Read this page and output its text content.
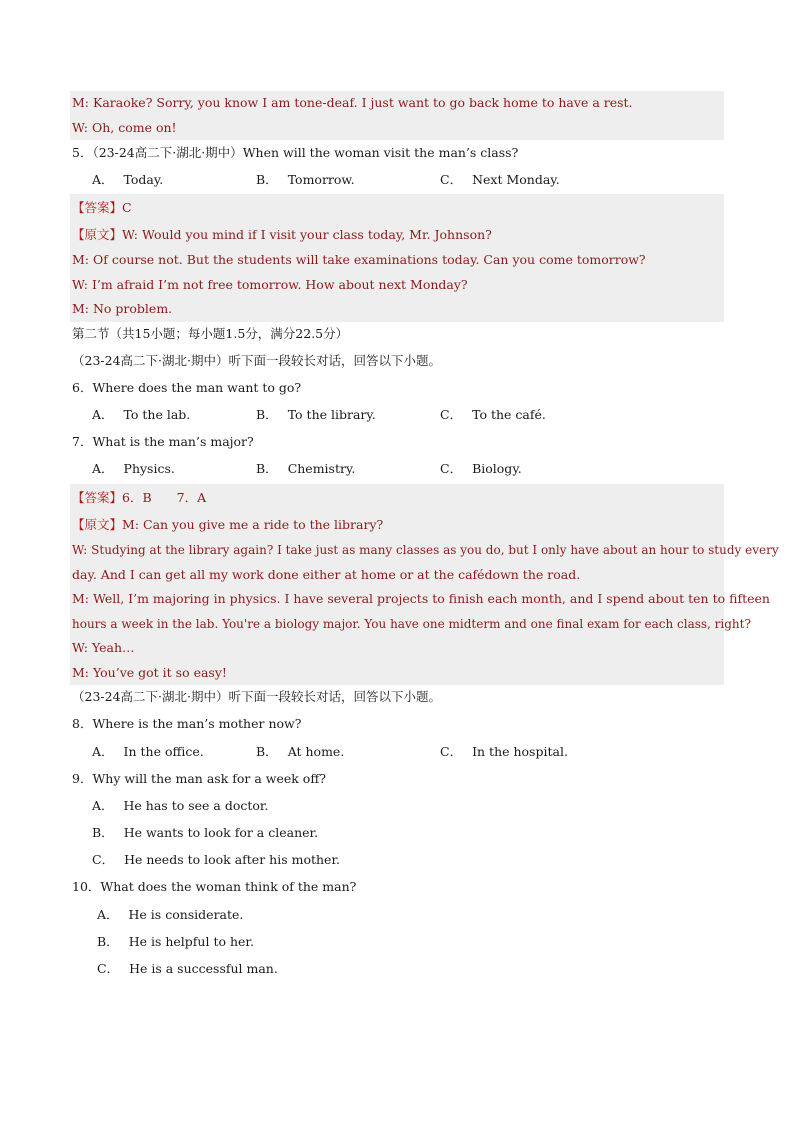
M: Karaoke? Sorry, you know I am tone-deaf. I just want to go back home to have a rest.
W: Oh, come on!
5．（23-24高二下·湖北·期中）When will the woman visit the man’s class?
A． Today.	B． Tomorrow.	C． Next Monday.
【答案】C
【原文】W: Would you mind if I visit your class today, Mr. Johnson?
M: Of course not. But the students will take examinations today. Can you come tomorrow?
W: I’m afraid I’m not free tomorrow. How about next Monday?
M: No problem.
第二节（共15小题；每小题1.5分，满分22.5分）
（23-24高二下·湖北·期中）听下面一段较长对话，回答以下小题。
6．Where does the man want to go?
A． To the lab.	B． To the library.	C． To the café.
7．What is the man’s major?
A． Physics.	B． Chemistry.	C． Biology.
【答案】6．B　　7．A
【原文】M: Can you give me a ride to the library?
W: Studying at the library again? I take just as many classes as you do, but I only have about an hour to study every
day. And I can get all my work done either at home or at the cafédown the road.
M: Well, I’m majoring in physics. I have several projects to finish each month, and I spend about ten to fifteen
hours a week in the lab. You're a biology major. You have one midterm and one final exam for each class, right?
W: Yeah…
M: You’ve got it so easy!
（23-24高二下·湖北·期中）听下面一段较长对话，回答以下小题。
8．Where is the man’s mother now?
A． In the office.	B． At home.	C． In the hospital.
9．Why will the man ask for a week off?
A． He has to see a doctor.
B． He wants to look for a cleaner.
C． He needs to look after his mother.
10．What does the woman think of the man?
A． He is considerate.
B． He is helpful to her.
C． He is a successful man.
